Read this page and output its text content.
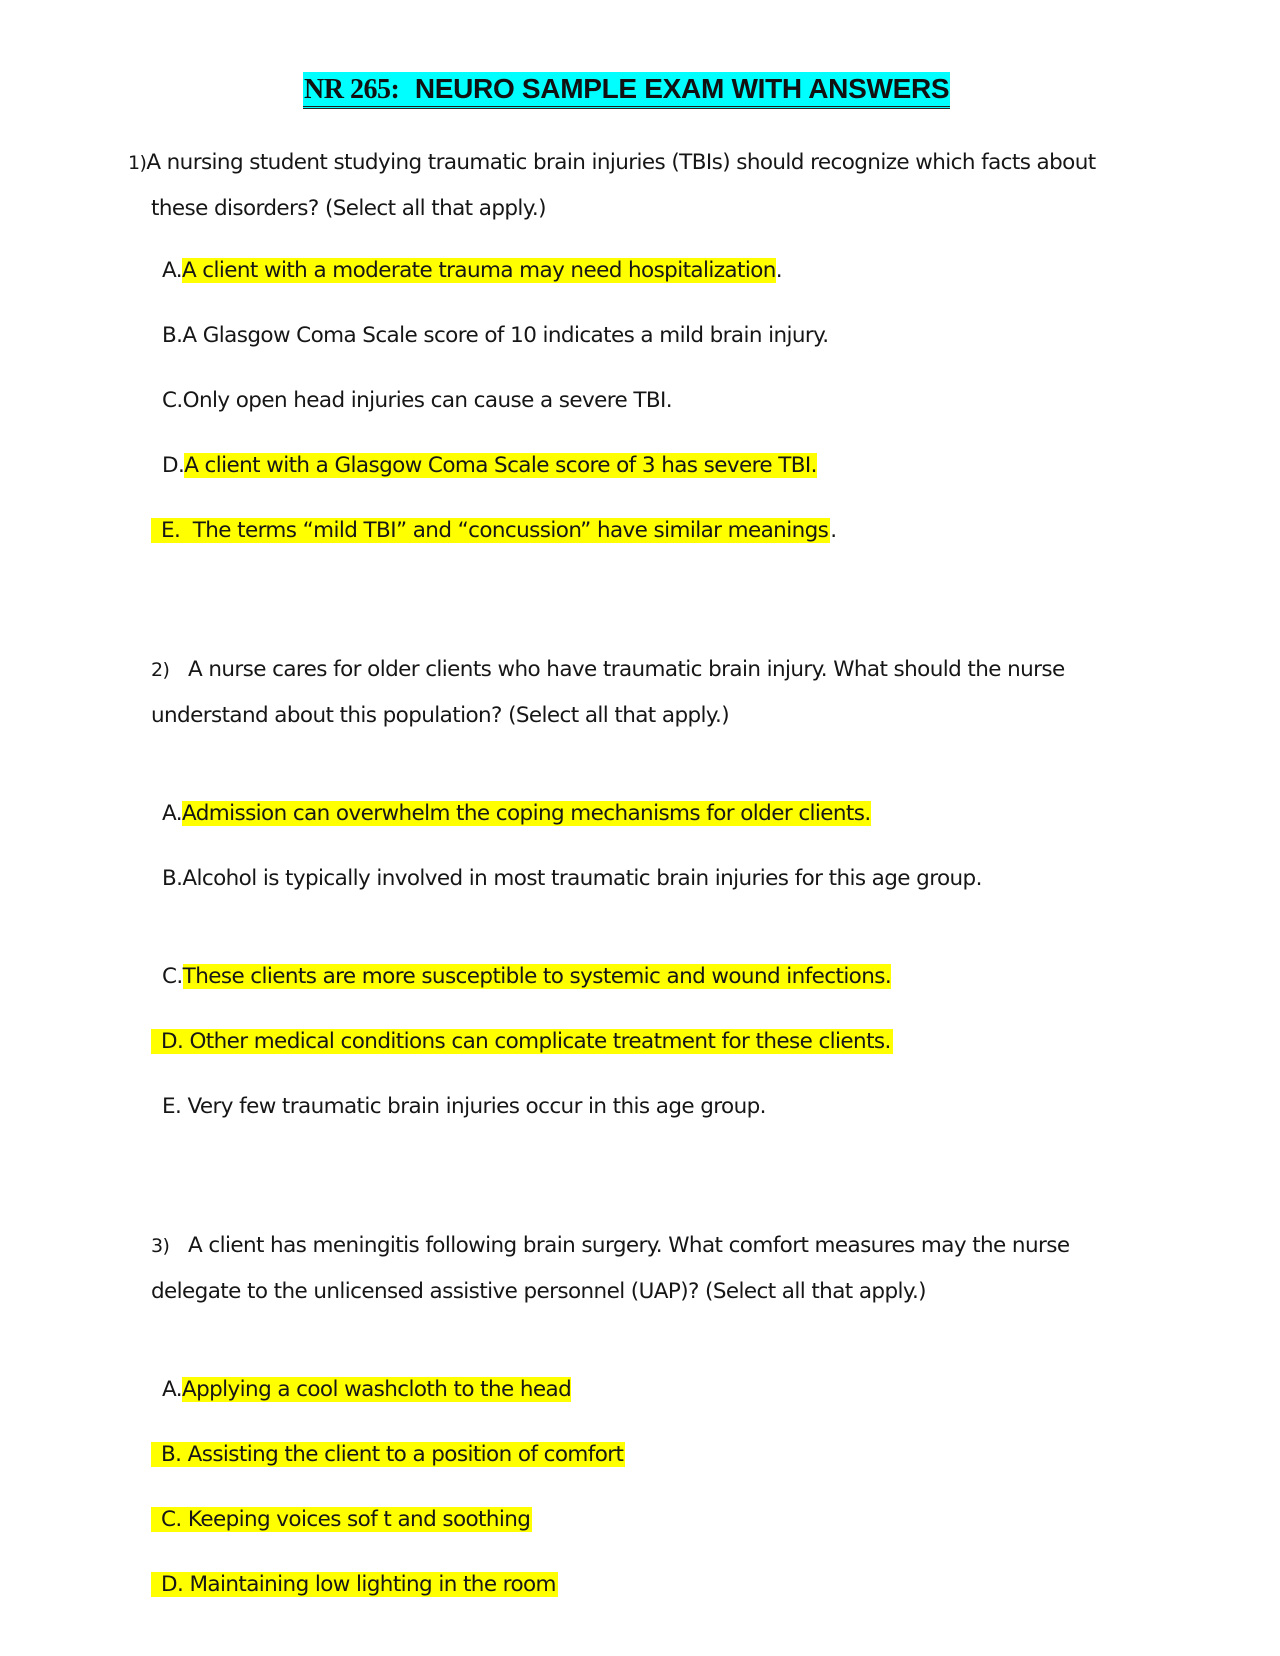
NR 265: NEURO SAMPLE EXAM WITH ANSWERS
1)A nursing student studying traumatic brain injuries (TBIs) should recognize which facts about
these disorders? (Select all that apply.)
A.A client with a moderate trauma may need hospitalization.
B.A Glasgow Coma Scale score of 10 indicates a mild brain injury.
C.Only open head injuries can cause a severe TBI.
D.A client with a Glasgow Coma Scale score of 3 has severe TBI.
E. The terms “mild TBI” and “concussion” have similar meanings.
2) A nurse cares for older clients who have traumatic brain injury. What should the nurse
understand about this population? (Select all that apply.)
A.Admission can overwhelm the coping mechanisms for older clients.
B.Alcohol is typically involved in most traumatic brain injuries for this age group.
C.These clients are more susceptible to systemic and wound infections.
D. Other medical conditions can complicate treatment for these clients.
E. Very few traumatic brain injuries occur in this age group.
3) A client has meningitis following brain surgery. What comfort measures may the nurse
delegate to the unlicensed assistive personnel (UAP)? (Select all that apply.)
A.Applying a cool washcloth to the head
B. Assisting the client to a position of comfort
C. Keeping voices sof t and soothing
D. Maintaining low lighting in the room
